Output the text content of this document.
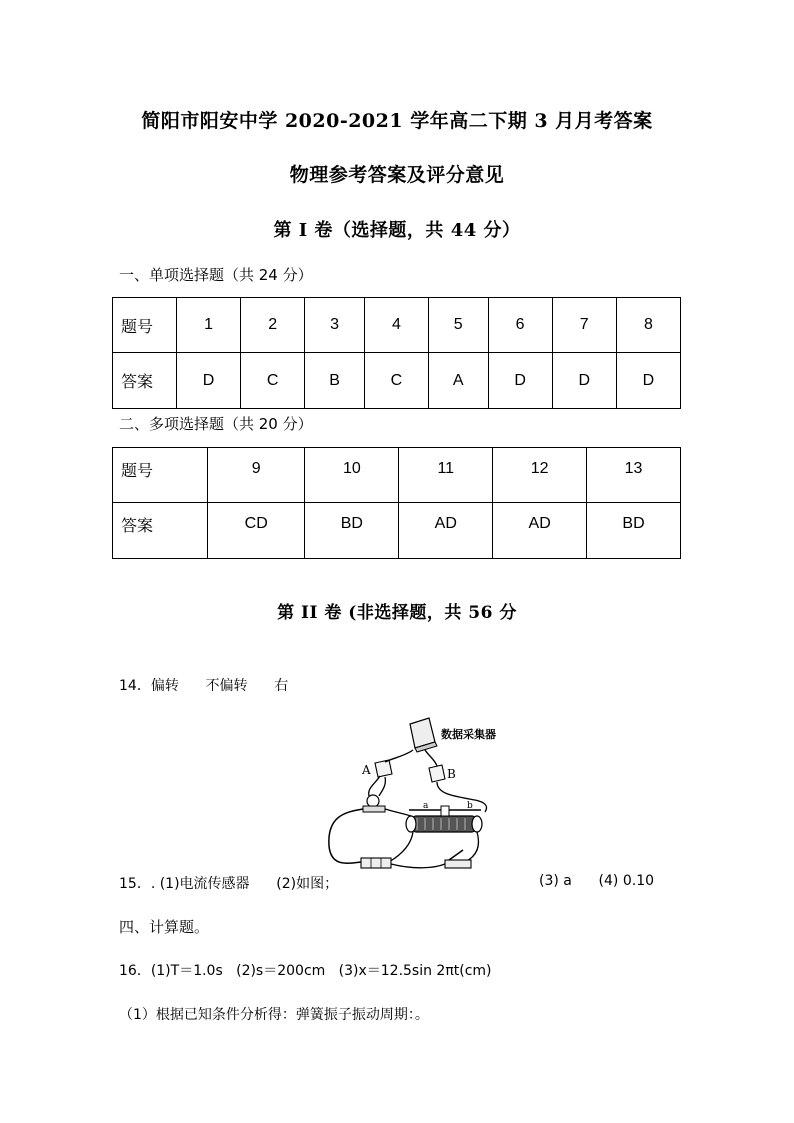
简阳市阳安中学 2020-2021 学年高二下期 3 月月考答案
物理参考答案及评分意见
第 I 卷（选择题，共 44 分）
一、单项选择题（共 24 分）
题号	1	2	3	4	5	6	7	8
答案	D	C	B	C	A	D	D	D
二、多项选择题（共 20 分）
题号	9	10	11	12	13
答案	CD	BD	AD	AD	BD
第 II 卷 (非选择题，共 56 分
14．偏转      不偏转      右
数据采集器
A	B
a	b
15．. (1)电流传感器      (2)如图；	(3) a      (4) 0.10
四、计算题。
16．(1)T＝1.0s   (2)s＝200cm   (3)x＝12.5sin 2πt(cm)
（1）根据已知条件分析得：弹簧振子振动周期：。
